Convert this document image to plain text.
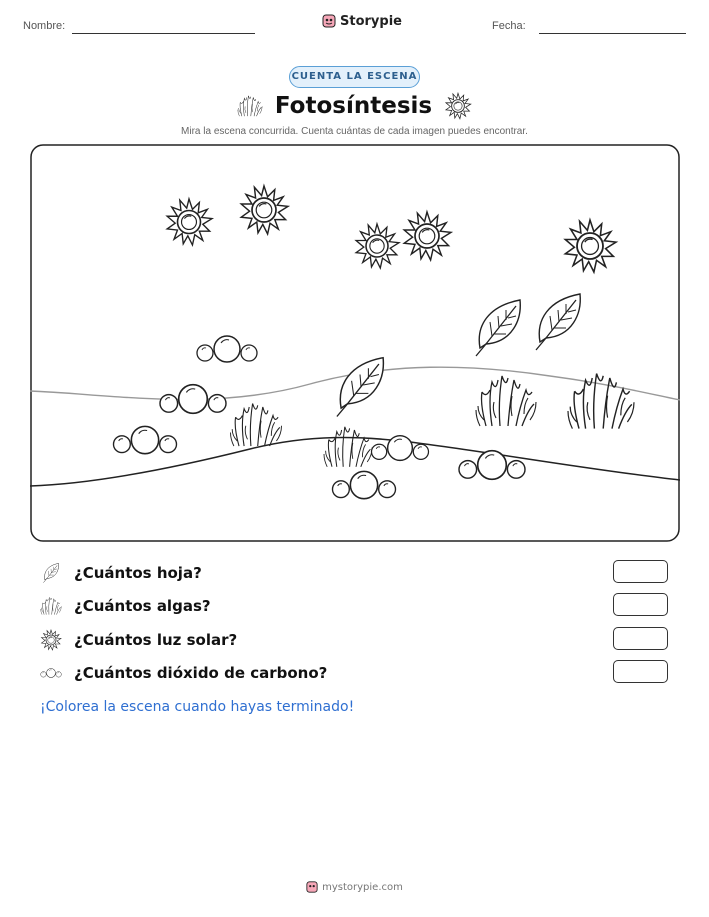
Nombre:	Storypie	Fecha:
CUENTA LA ESCENA
Fotosíntesis
Mira la escena concurrida. Cuenta cuántas de cada imagen puedes encontrar.
¿Cuántos hoja?
¿Cuántos algas?
¿Cuántos luz solar?
¿Cuántos dióxido de carbono?
¡Colorea la escena cuando hayas terminado!
mystorypie.com
